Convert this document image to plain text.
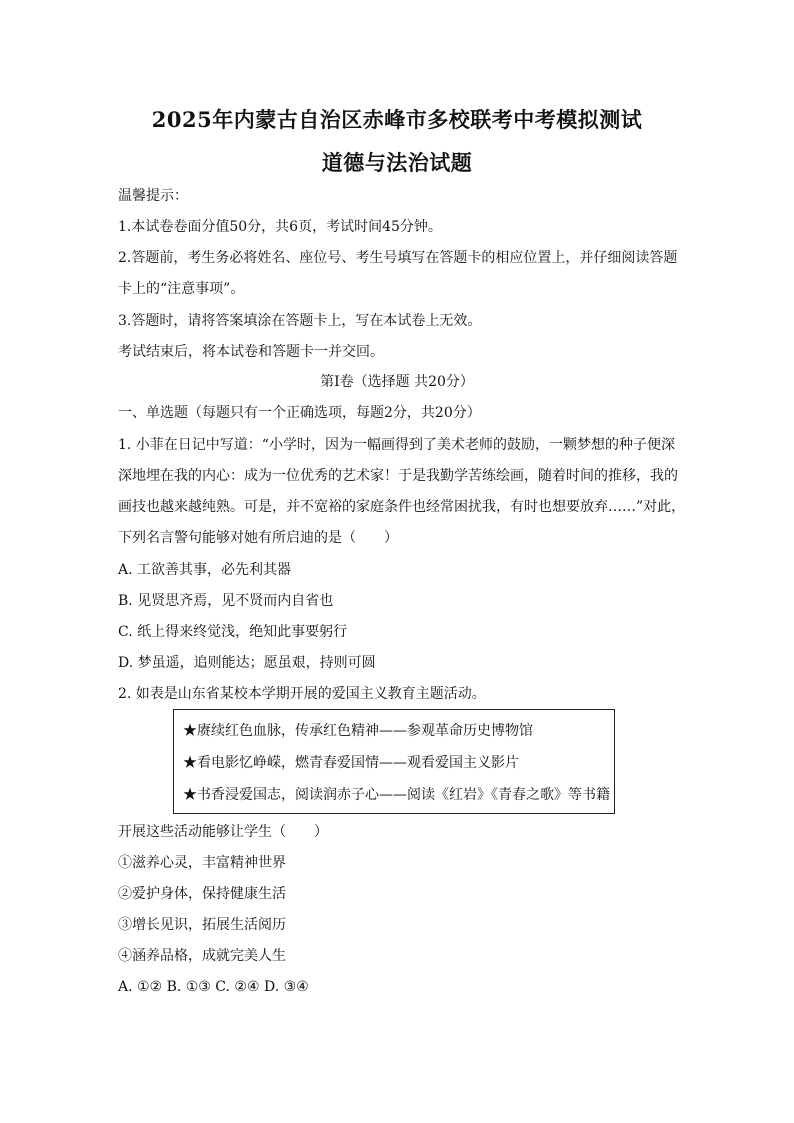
2025年内蒙古自治区赤峰市多校联考中考模拟测试
道德与法治试题
温馨提示：
1.本试卷卷面分值50分，共6页，考试时间45分钟。
2.答题前，考生务必将姓名、座位号、考生号填写在答题卡的相应位置上，并仔细阅读答题
卡上的“注意事项”。
3.答题时，请将答案填涂在答题卡上，写在本试卷上无效。
考试结束后，将本试卷和答题卡一并交回。
第Ⅰ卷（选择题 共20分）
一、单选题（每题只有一个正确选项，每题2分，共20分）
1. 小菲在日记中写道：“小学时，因为一幅画得到了美术老师的鼓励，一颗梦想的种子便深
深地埋在我的内心：成为一位优秀的艺术家！于是我勤学苦练绘画，随着时间的推移，我的
画技也越来越纯熟。可是，并不宽裕的家庭条件也经常困扰我，有时也想要放弃……”对此，
下列名言警句能够对她有所启迪的是（　　）
A. 工欲善其事，必先利其器
B. 见贤思齐焉，见不贤而内自省也
C. 纸上得来终觉浅，绝知此事要躬行
D. 梦虽遥，追则能达；愿虽艰，持则可圆
2. 如表是山东省某校本学期开展的爱国主义教育主题活动。
★赓续红色血脉，传承红色精神——参观革命历史博物馆
★看电影忆峥嵘，燃青春爱国情——观看爱国主义影片
★书香浸爱国志，阅读润赤子心——阅读《红岩》《青春之歌》等书籍
开展这些活动能够让学生（　　）
①滋养心灵，丰富精神世界
②爱护身体，保持健康生活
③增长见识，拓展生活阅历
④涵养品格，成就完美人生
A. ①② B. ①③ C. ②④ D. ③④
